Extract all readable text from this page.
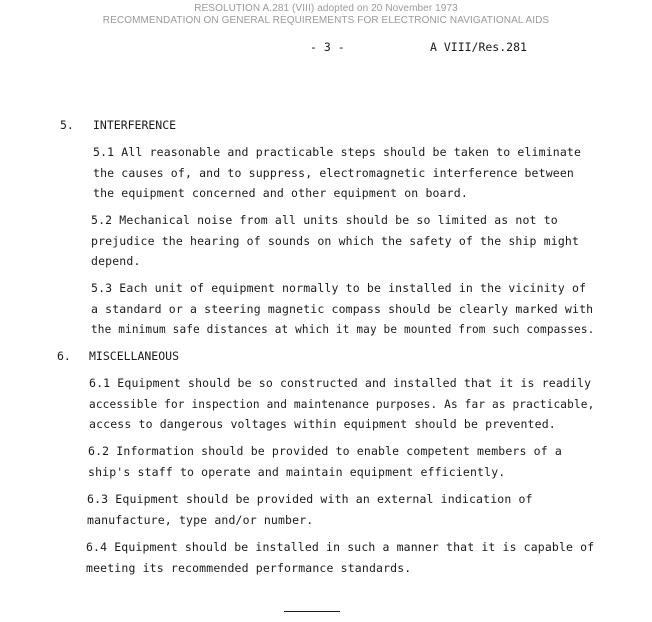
RESOLUTION A.281 (VIII) adopted on 20 November 1973
RECOMMENDATION ON GENERAL REQUIREMENTS FOR ELECTRONIC NAVIGATIONAL AIDS
- 3 -	A VIII/Res.281
5. INTERFERENCE
5.1 All reasonable and practicable steps should be taken to eliminate
the causes of, and to suppress, electromagnetic interference between
the equipment concerned and other equipment on board.
5.2 Mechanical noise from all units should be so limited as not to
prejudice the hearing of sounds on which the safety of the ship might
depend.
5.3 Each unit of equipment normally to be installed in the vicinity of
a standard or a steering magnetic compass should be clearly marked with
the minimum safe distances at which it may be mounted from such compasses.
6. MISCELLANEOUS
6.1 Equipment should be so constructed and installed that it is readily
accessible for inspection and maintenance purposes. As far as practicable,
access to dangerous voltages within equipment should be prevented.
6.2 Information should be provided to enable competent members of a
ship's staff to operate and maintain equipment efficiently.
6.3 Equipment should be provided with an external indication of
manufacture, type and/or number.
6.4 Equipment should be installed in such a manner that it is capable of
meeting its recommended performance standards.
